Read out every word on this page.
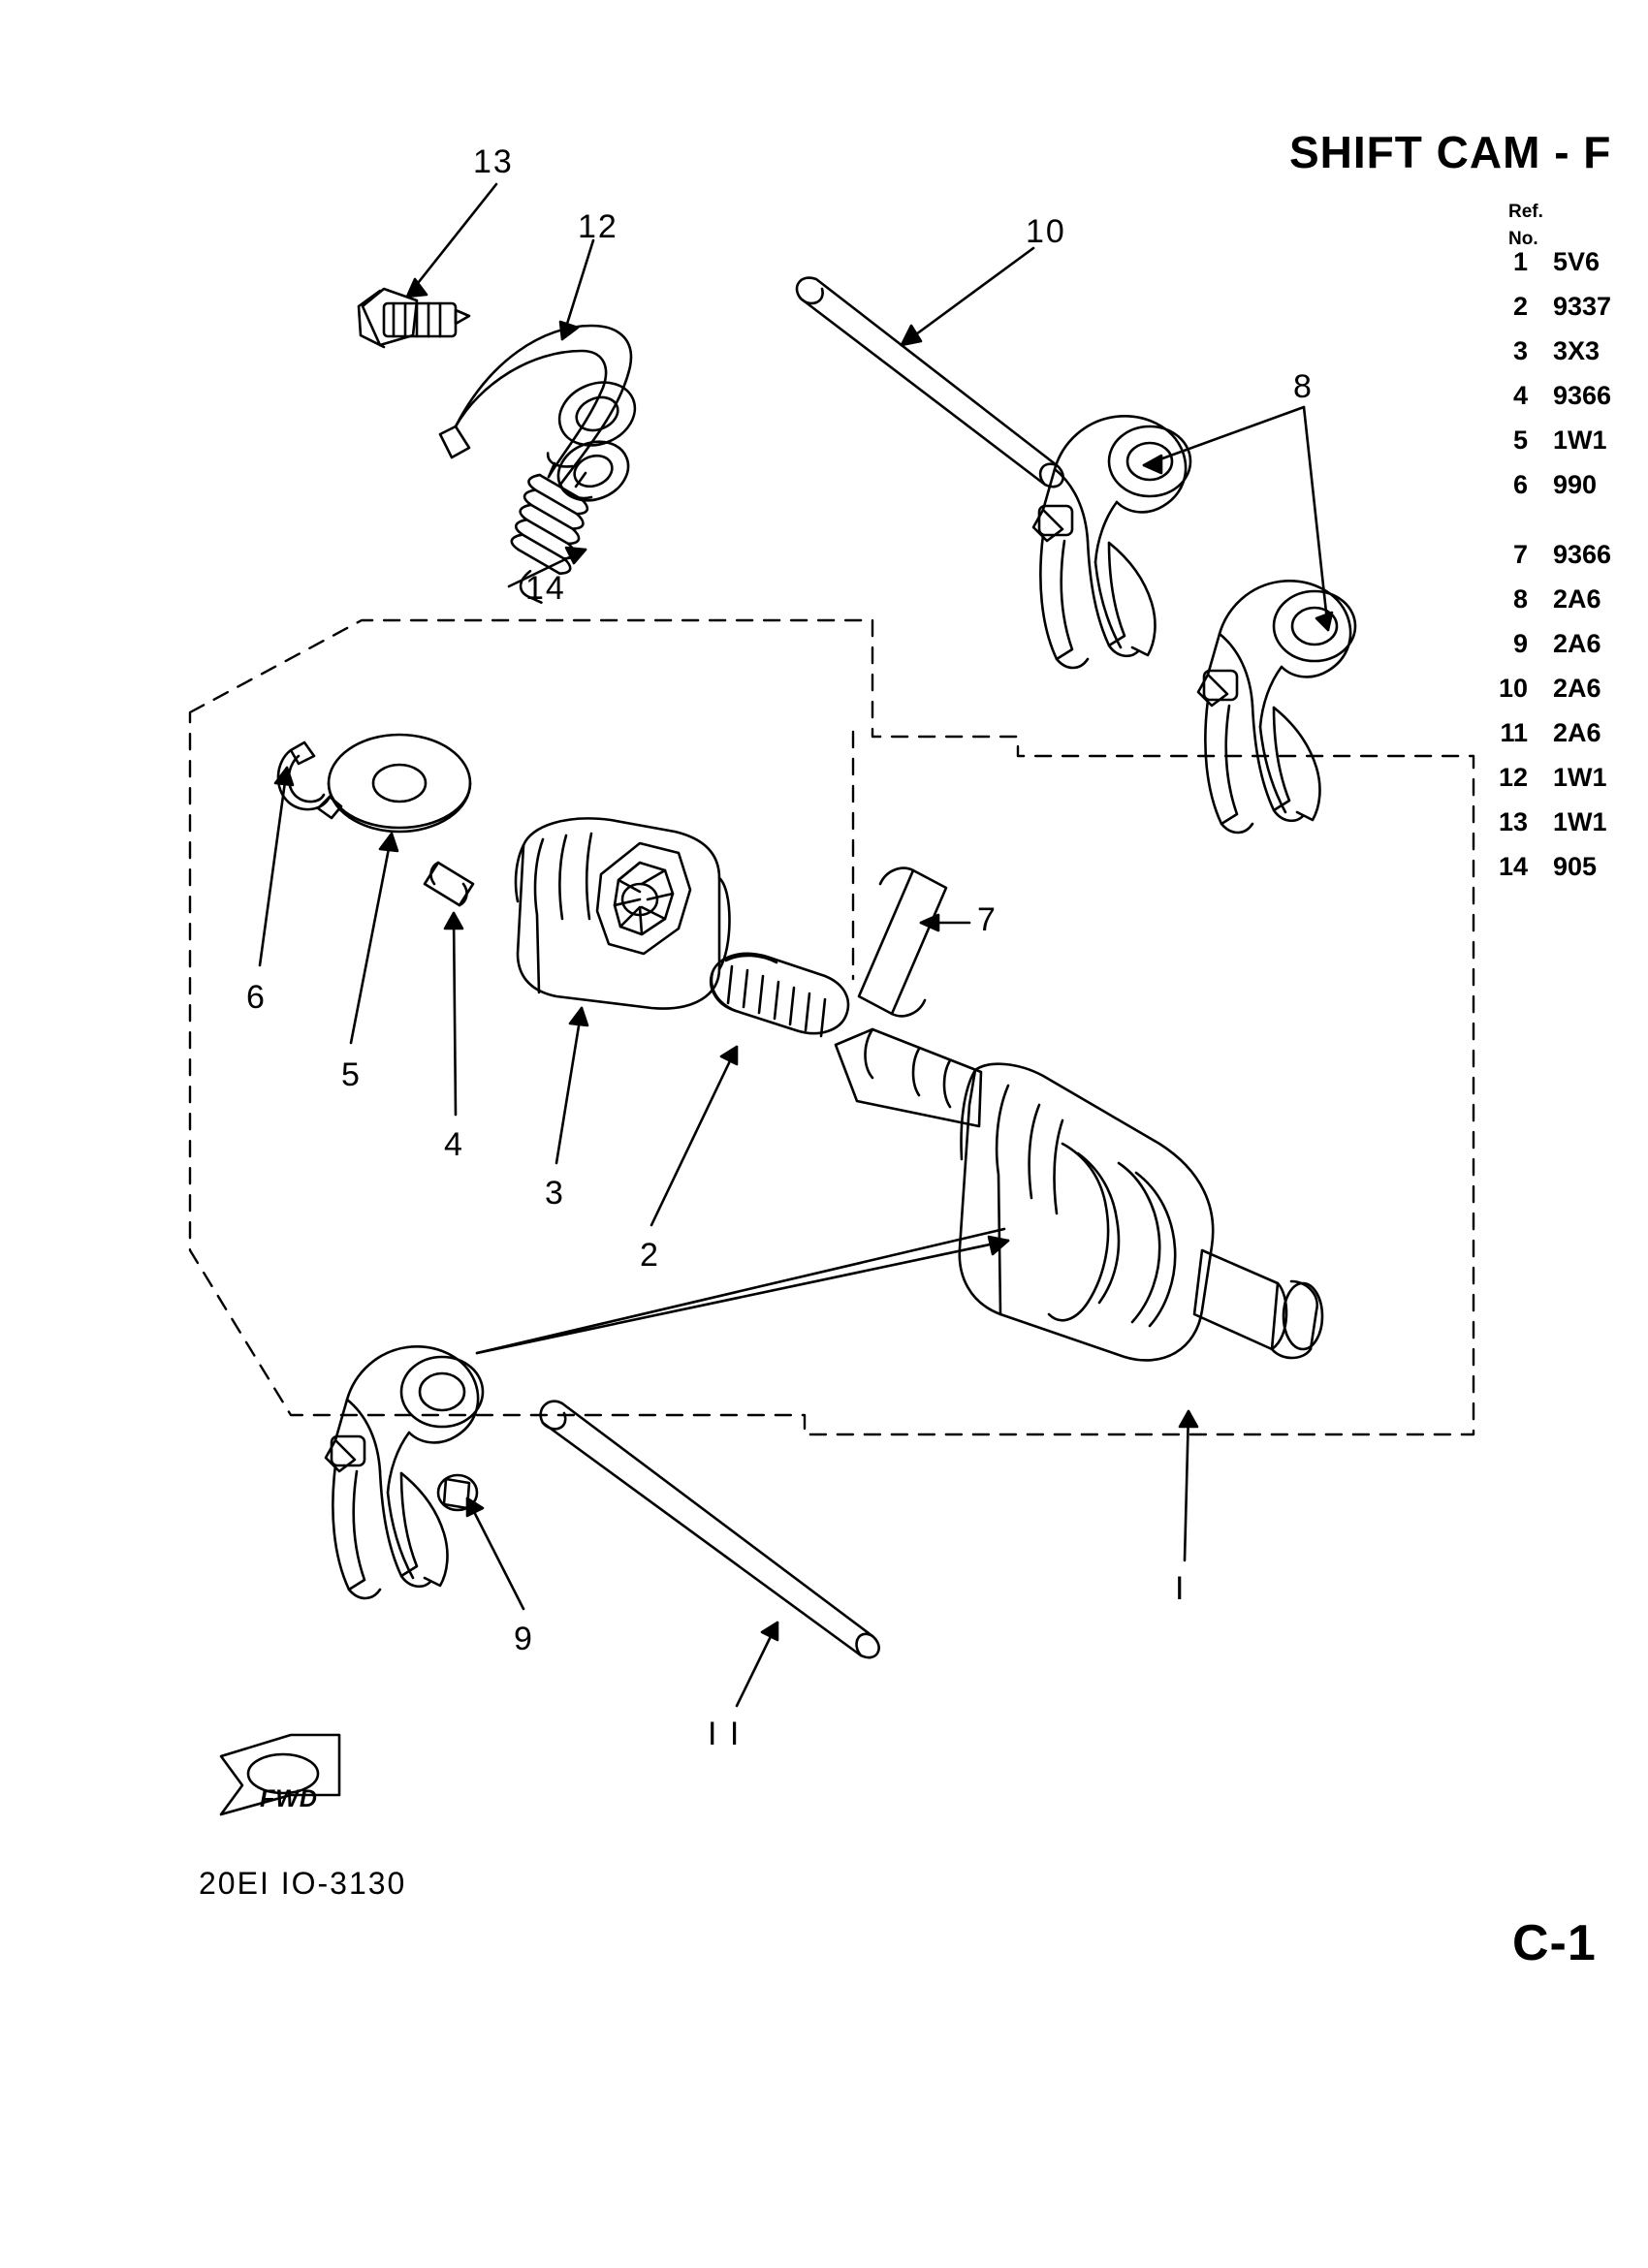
SHIFT CAM - F
Ref.
No.
1 5V6
2 9337
3 3X3
4 9366
5 1W1
6 990
7 9366
8 2A6
9 2A6
10 2A6
11 2A6
12 1W1
13 1W1
14 905
13
12	10
8
14
7
6
5
4
3
2
I
9
I I
FWD
20EI IO-3130
C-1
